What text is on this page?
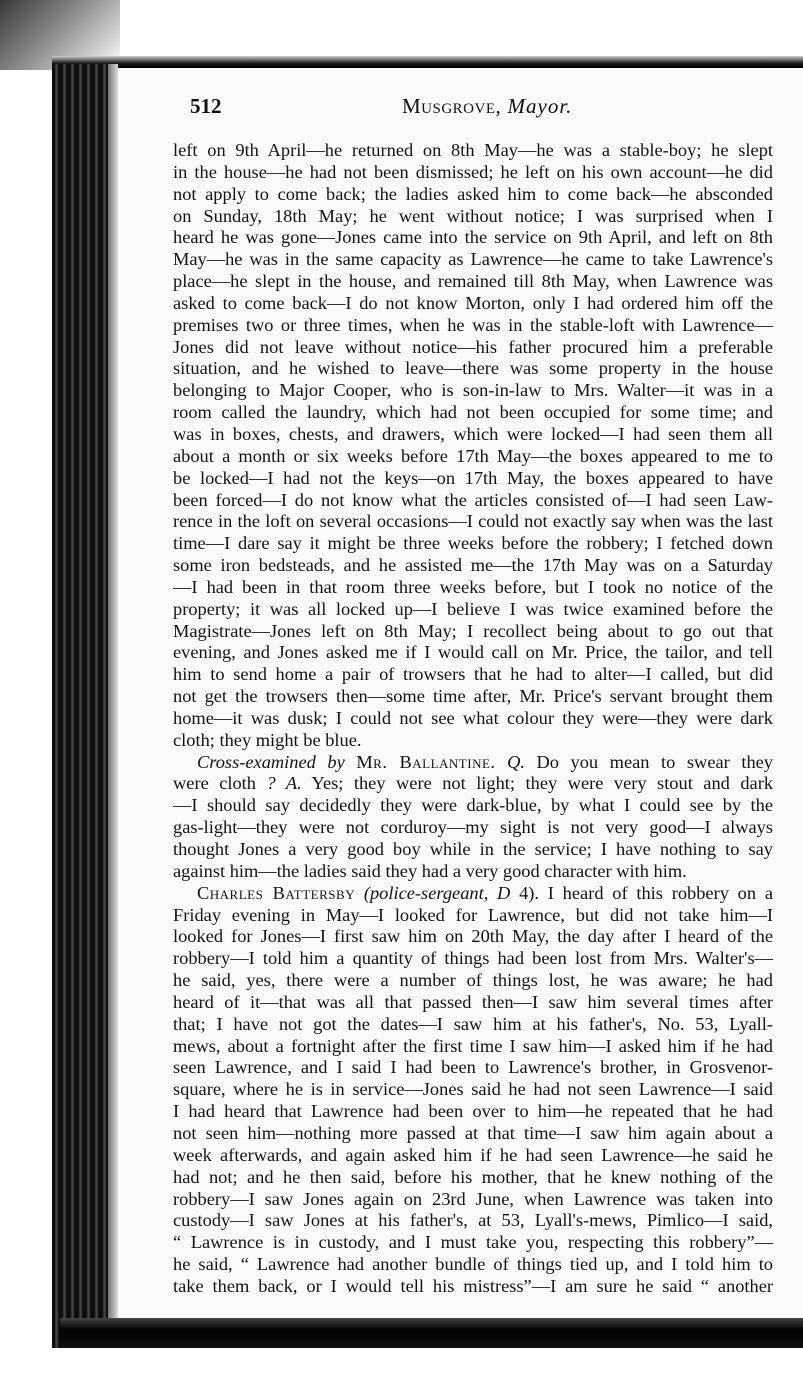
512	Musgrove, Mayor.
left on 9th April—he returned on 8th May—he was a stable-boy; he slept
in the house—he had not been dismissed; he left on his own account—he did
not apply to come back; the ladies asked him to come back—he absconded
on Sunday, 18th May; he went without notice; I was surprised when I
heard he was gone—Jones came into the service on 9th April, and left on 8th
May—he was in the same capacity as Lawrence—he came to take Lawrence's
place—he slept in the house, and remained till 8th May, when Lawrence was
asked to come back—I do not know Morton, only I had ordered him off the
premises two or three times, when he was in the stable-loft with Lawrence—
Jones did not leave without notice—his father procured him a preferable
situation, and he wished to leave—there was some property in the house
belonging to Major Cooper, who is son-in-law to Mrs. Walter—it was in a
room called the laundry, which had not been occupied for some time; and
was in boxes, chests, and drawers, which were locked—I had seen them all
about a month or six weeks before 17th May—the boxes appeared to me to
be locked—I had not the keys—on 17th May, the boxes appeared to have
been forced—I do not know what the articles consisted of—I had seen Law-
rence in the loft on several occasions—I could not exactly say when was the last
time—I dare say it might be three weeks before the robbery; I fetched down
some iron bedsteads, and he assisted me—the 17th May was on a Saturday
—I had been in that room three weeks before, but I took no notice of the
property; it was all locked up—I believe I was twice examined before the
Magistrate—Jones left on 8th May; I recollect being about to go out that
evening, and Jones asked me if I would call on Mr. Price, the tailor, and tell
him to send home a pair of trowsers that he had to alter—I called, but did
not get the trowsers then—some time after, Mr. Price's servant brought them
home—it was dusk; I could not see what colour they were—they were dark
cloth; they might be blue.
Cross-examined by Mr. Ballantine. Q. Do you mean to swear they
were cloth ? A. Yes; they were not light; they were very stout and dark
—I should say decidedly they were dark-blue, by what I could see by the
gas-light—they were not corduroy—my sight is not very good—I always
thought Jones a very good boy while in the service; I have nothing to say
against him—the ladies said they had a very good character with him.
Charles Battersby (police-sergeant, D 4). I heard of this robbery on a
Friday evening in May—I looked for Lawrence, but did not take him—I
looked for Jones—I first saw him on 20th May, the day after I heard of the
robbery—I told him a quantity of things had been lost from Mrs. Walter's—
he said, yes, there were a number of things lost, he was aware; he had
heard of it—that was all that passed then—I saw him several times after
that; I have not got the dates—I saw him at his father's, No. 53, Lyall-
mews, about a fortnight after the first time I saw him—I asked him if he had
seen Lawrence, and I said I had been to Lawrence's brother, in Grosvenor-
square, where he is in service—Jones said he had not seen Lawrence—I said
I had heard that Lawrence had been over to him—he repeated that he had
not seen him—nothing more passed at that time—I saw him again about a
week afterwards, and again asked him if he had seen Lawrence—he said he
had not; and he then said, before his mother, that he knew nothing of the
robbery—I saw Jones again on 23rd June, when Lawrence was taken into
custody—I saw Jones at his father's, at 53, Lyall's-mews, Pimlico—I said,
“ Lawrence is in custody, and I must take you, respecting this robbery”—
he said, “ Lawrence had another bundle of things tied up, and I told him to
take them back, or I would tell his mistress”—I am sure he said “ another
